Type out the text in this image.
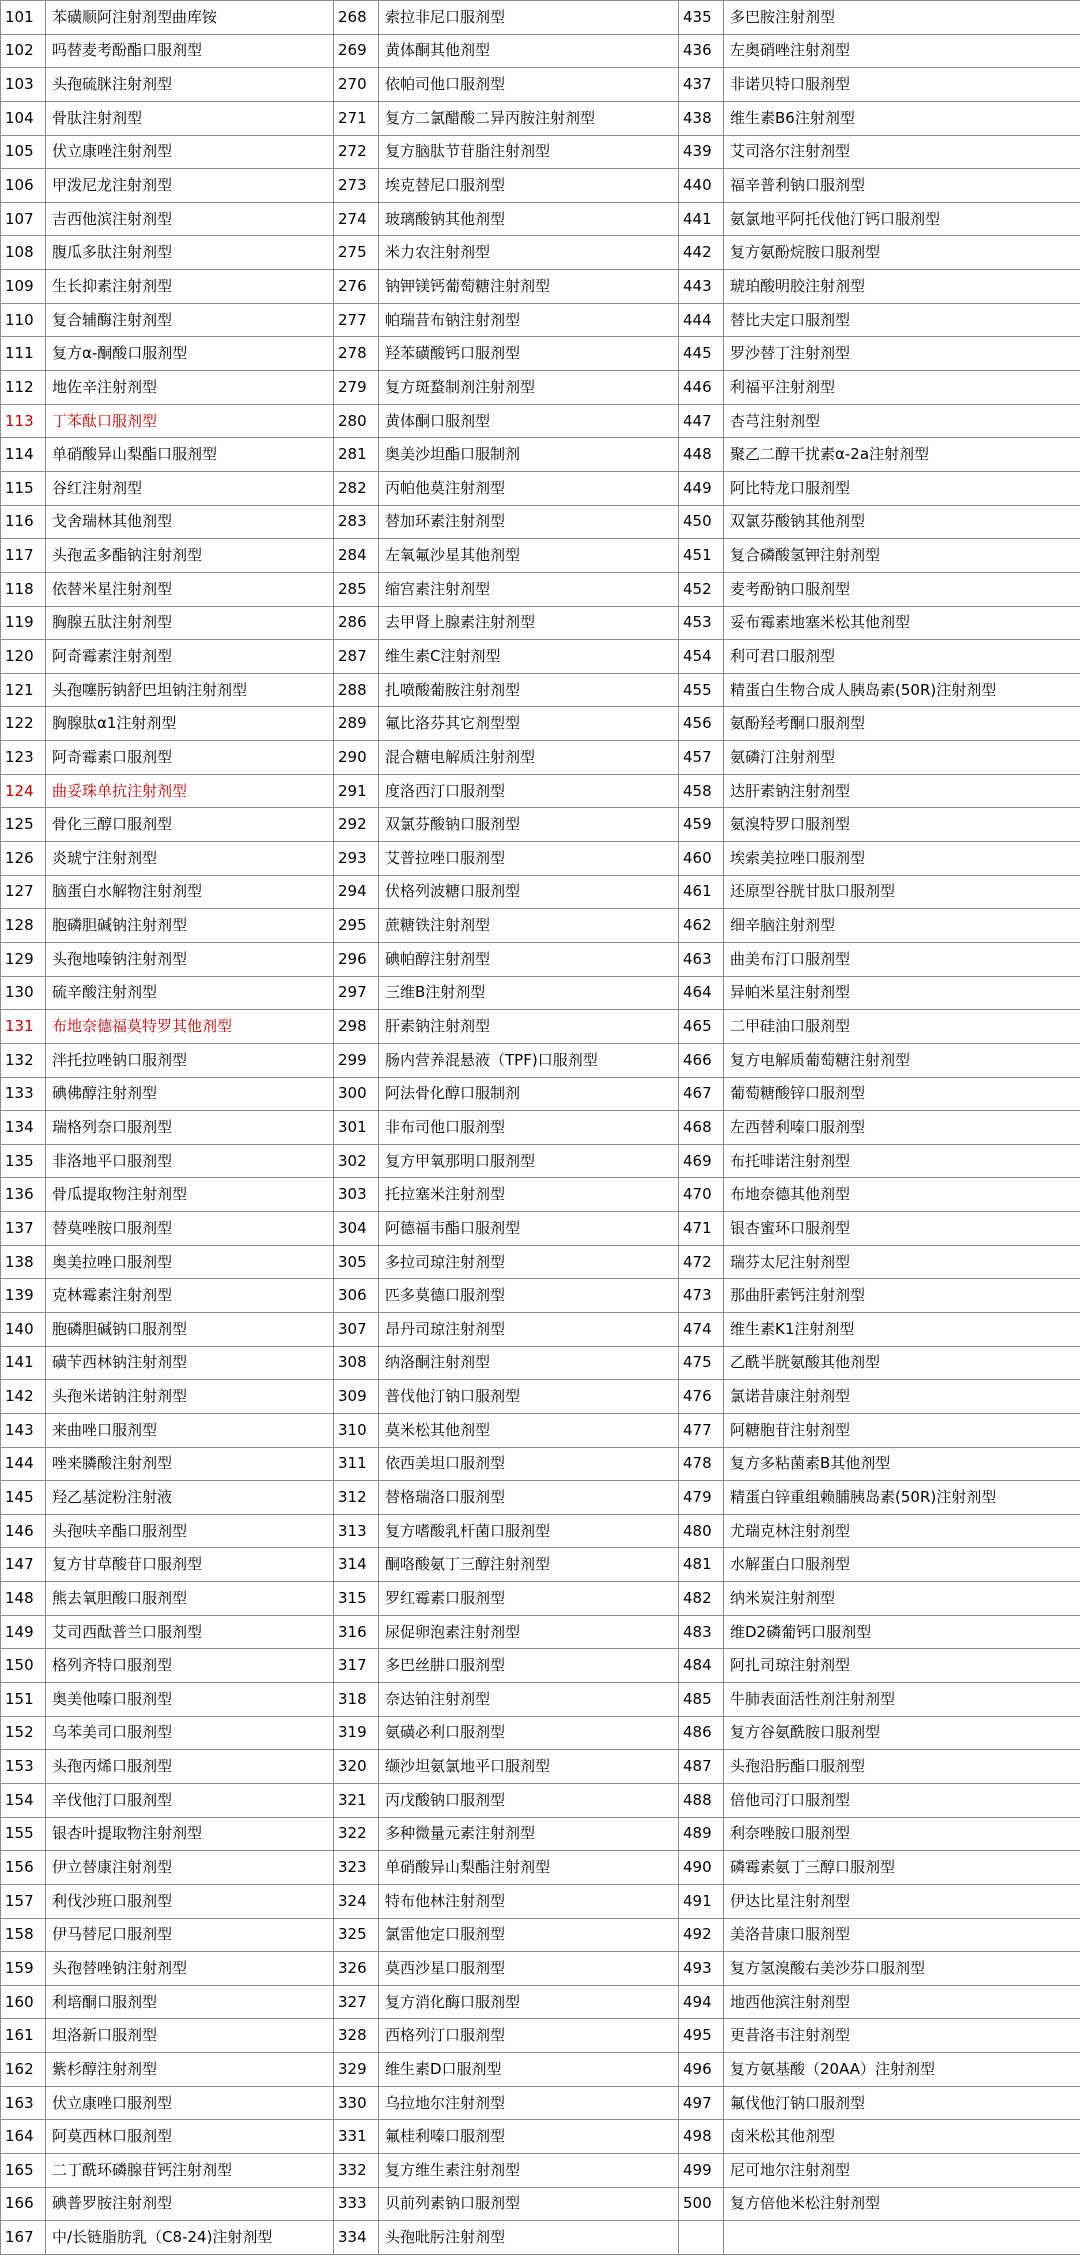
101	苯磺顺阿注射剂型曲库铵	268	索拉非尼口服剂型	435	多巴胺注射剂型
102	吗替麦考酚酯口服剂型	269	黄体酮其他剂型	436	左奥硝唑注射剂型
103	头孢硫脒注射剂型	270	依帕司他口服剂型	437	非诺贝特口服剂型
104	骨肽注射剂型	271	复方二氯醋酸二异丙胺注射剂型	438	维生素B6注射剂型
105	伏立康唑注射剂型	272	复方脑肽节苷脂注射剂型	439	艾司洛尔注射剂型
106	甲泼尼龙注射剂型	273	埃克替尼口服剂型	440	福辛普利钠口服剂型
107	吉西他滨注射剂型	274	玻璃酸钠其他剂型	441	氨氯地平阿托伐他汀钙口服剂型
108	腹瓜多肽注射剂型	275	米力农注射剂型	442	复方氨酚烷胺口服剂型
109	生长抑素注射剂型	276	钠钾镁钙葡萄糖注射剂型	443	琥珀酸明胶注射剂型
110	复合辅酶注射剂型	277	帕瑞昔布钠注射剂型	444	替比夫定口服剂型
111	复方α-酮酸口服剂型	278	羟苯磺酸钙口服剂型	445	罗沙替丁注射剂型
112	地佐辛注射剂型	279	复方斑蝥制剂注射剂型	446	利福平注射剂型
113	丁苯酞口服剂型	280	黄体酮口服剂型	447	杏芎注射剂型
114	单硝酸异山梨酯口服剂型	281	奥美沙坦酯口服制剂	448	聚乙二醇干扰素α-2a注射剂型
115	谷红注射剂型	282	丙帕他莫注射剂型	449	阿比特龙口服剂型
116	戈舍瑞林其他剂型	283	替加环素注射剂型	450	双氯芬酸钠其他剂型
117	头孢孟多酯钠注射剂型	284	左氧氟沙星其他剂型	451	复合磷酸氢钾注射剂型
118	依替米星注射剂型	285	缩宫素注射剂型	452	麦考酚钠口服剂型
119	胸腺五肽注射剂型	286	去甲肾上腺素注射剂型	453	妥布霉素地塞米松其他剂型
120	阿奇霉素注射剂型	287	维生素C注射剂型	454	利可君口服剂型
121	头孢噻肟钠舒巴坦钠注射剂型	288	扎喷酸葡胺注射剂型	455	精蛋白生物合成人胰岛素(50R)注射剂型
122	胸腺肽α1注射剂型	289	氟比洛芬其它剂型型	456	氨酚羟考酮口服剂型
123	阿奇霉素口服剂型	290	混合糖电解质注射剂型	457	氨磷汀注射剂型
124	曲妥珠单抗注射剂型	291	度洛西汀口服剂型	458	达肝素钠注射剂型
125	骨化三醇口服剂型	292	双氯芬酸钠口服剂型	459	氨溴特罗口服剂型
126	炎琥宁注射剂型	293	艾普拉唑口服剂型	460	埃索美拉唑口服剂型
127	脑蛋白水解物注射剂型	294	伏格列波糖口服剂型	461	还原型谷胱甘肽口服剂型
128	胞磷胆碱钠注射剂型	295	蔗糖铁注射剂型	462	细辛脑注射剂型
129	头孢地嗪钠注射剂型	296	碘帕醇注射剂型	463	曲美布汀口服剂型
130	硫辛酸注射剂型	297	三维B注射剂型	464	异帕米星注射剂型
131	布地奈德福莫特罗其他剂型	298	肝素钠注射剂型	465	二甲硅油口服剂型
132	泮托拉唑钠口服剂型	299	肠内营养混悬液（TPF)口服剂型	466	复方电解质葡萄糖注射剂型
133	碘佛醇注射剂型	300	阿法骨化醇口服制剂	467	葡萄糖酸锌口服剂型
134	瑞格列奈口服剂型	301	非布司他口服剂型	468	左西替利嗪口服剂型
135	非洛地平口服剂型	302	复方甲氧那明口服剂型	469	布托啡诺注射剂型
136	骨瓜提取物注射剂型	303	托拉塞米注射剂型	470	布地奈德其他剂型
137	替莫唑胺口服剂型	304	阿德福韦酯口服剂型	471	银杏蜜环口服剂型
138	奥美拉唑口服剂型	305	多拉司琼注射剂型	472	瑞芬太尼注射剂型
139	克林霉素注射剂型	306	匹多莫德口服剂型	473	那曲肝素钙注射剂型
140	胞磷胆碱钠口服剂型	307	昂丹司琼注射剂型	474	维生素K1注射剂型
141	磺苄西林钠注射剂型	308	纳洛酮注射剂型	475	乙酰半胱氨酸其他剂型
142	头孢米诺钠注射剂型	309	普伐他汀钠口服剂型	476	氯诺昔康注射剂型
143	来曲唑口服剂型	310	莫米松其他剂型	477	阿糖胞苷注射剂型
144	唑来膦酸注射剂型	311	依西美坦口服剂型	478	复方多粘菌素B其他剂型
145	羟乙基淀粉注射液	312	替格瑞洛口服剂型	479	精蛋白锌重组赖脯胰岛素(50R)注射剂型
146	头孢呋辛酯口服剂型	313	复方嗜酸乳杆菌口服剂型	480	尤瑞克林注射剂型
147	复方甘草酸苷口服剂型	314	酮咯酸氨丁三醇注射剂型	481	水解蛋白口服剂型
148	熊去氧胆酸口服剂型	315	罗红霉素口服剂型	482	纳米炭注射剂型
149	艾司西酞普兰口服剂型	316	尿促卵泡素注射剂型	483	维D2磷葡钙口服剂型
150	格列齐特口服剂型	317	多巴丝肼口服剂型	484	阿扎司琼注射剂型
151	奥美他嗪口服剂型	318	奈达铂注射剂型	485	牛肺表面活性剂注射剂型
152	乌苯美司口服剂型	319	氨磺必利口服剂型	486	复方谷氨酰胺口服剂型
153	头孢丙烯口服剂型	320	缬沙坦氨氯地平口服剂型	487	头孢沿肟酯口服剂型
154	辛伐他汀口服剂型	321	丙戊酸钠口服剂型	488	倍他司汀口服剂型
155	银杏叶提取物注射剂型	322	多种微量元素注射剂型	489	利奈唑胺口服剂型
156	伊立替康注射剂型	323	单硝酸异山梨酯注射剂型	490	磷霉素氨丁三醇口服剂型
157	利伐沙班口服剂型	324	特布他林注射剂型	491	伊达比星注射剂型
158	伊马替尼口服剂型	325	氯雷他定口服剂型	492	美洛昔康口服剂型
159	头孢替唑钠注射剂型	326	莫西沙星口服剂型	493	复方氢溴酸右美沙芬口服剂型
160	利培酮口服剂型	327	复方消化酶口服剂型	494	地西他滨注射剂型
161	坦洛新口服剂型	328	西格列汀口服剂型	495	更昔洛韦注射剂型
162	紫杉醇注射剂型	329	维生素D口服剂型	496	复方氨基酸（20AA）注射剂型
163	伏立康唑口服剂型	330	乌拉地尔注射剂型	497	氟伐他汀钠口服剂型
164	阿莫西林口服剂型	331	氟桂利嗪口服剂型	498	卤米松其他剂型
165	二丁酰环磷腺苷钙注射剂型	332	复方维生素注射剂型	499	尼可地尔注射剂型
166	碘普罗胺注射剂型	333	贝前列素钠口服剂型	500	复方倍他米松注射剂型
167	中/长链脂肪乳（C8-24)注射剂型	334	头孢吡肟注射剂型		
